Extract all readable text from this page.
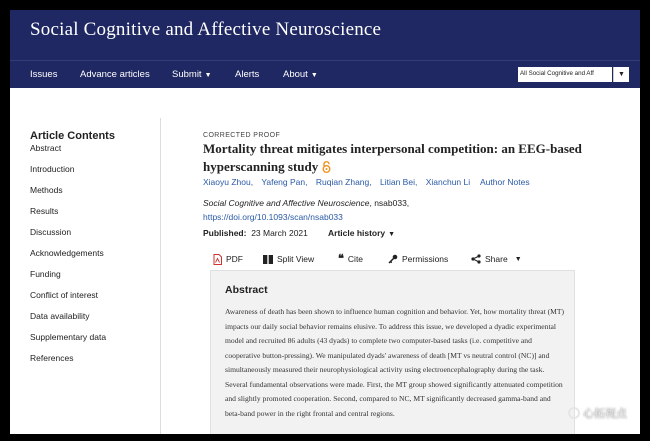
Social Cognitive and Affective Neuroscience
Issues Advance articles Submit ▼ Alerts About ▼	All Social Cognitive and Aff	▼
Article Contents
Abstract
Introduction
Methods
Results
Discussion
Acknowledgements
Funding
Conflict of interest
Data availability
Supplementary data
References
CORRECTED PROOF
Mortality threat mitigates interpersonal competition: an EEG-based hyperscanning study
Xiaoyu Zhou, Yafeng Pan, Ruqian Zhang, Litian Bei, Xianchun Li	Author Notes
Social Cognitive and Affective Neuroscience, nsab033,
https://doi.org/10.1093/scan/nsab033
Published: 23 March 2021 Article history ▼
PDF	Split View ❝ Cite	Permissions	Share ▼
Abstract
Awareness of death has been shown to influence human cognition and behavior. Yet, how mortality threat (MT) impacts our daily social behavior remains elusive. To address this issue, we developed a dyadic experimental model and recruited 86 adults (43 dyads) to complete two computer-based tasks (i.e. competitive and cooperative button-pressing). We manipulated dyads' awareness of death [MT vs neutral control (NC)] and simultaneously measured their neurophysiological activity using electroencephalography during the task. Several fundamental observations were made. First, the MT group showed significantly attenuated competition and slightly promoted cooperation. Second, compared to NC, MT significantly decreased gamma-band and beta-band power in the right frontal and central regions.	心拓视点
